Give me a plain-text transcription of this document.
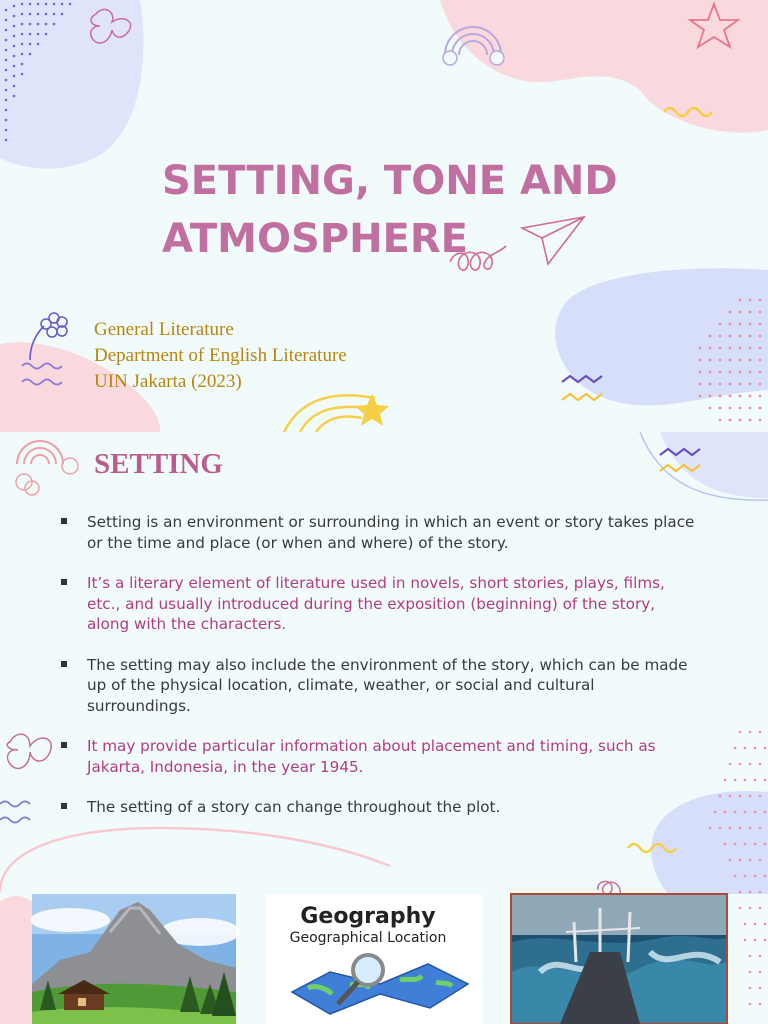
SETTING, TONE AND ATMOSPHERE
General Literature
Department of English Literature
UIN Jakarta (2023)
Geography
Geographical Location
SETTING
Setting is an environment or surrounding in which an event or story takes place or the time and place (or when and where) of the story.
It’s a literary element of literature used in novels, short stories, plays, films, etc., and usually introduced during the exposition (beginning) of the story, along with the characters.
The setting may also include the environment of the story, which can be made up of the physical location, climate, weather, or social and cultural surroundings.
It may provide particular information about placement and timing, such as Jakarta, Indonesia, in the year 1945.
The setting of a story can change throughout the plot.
